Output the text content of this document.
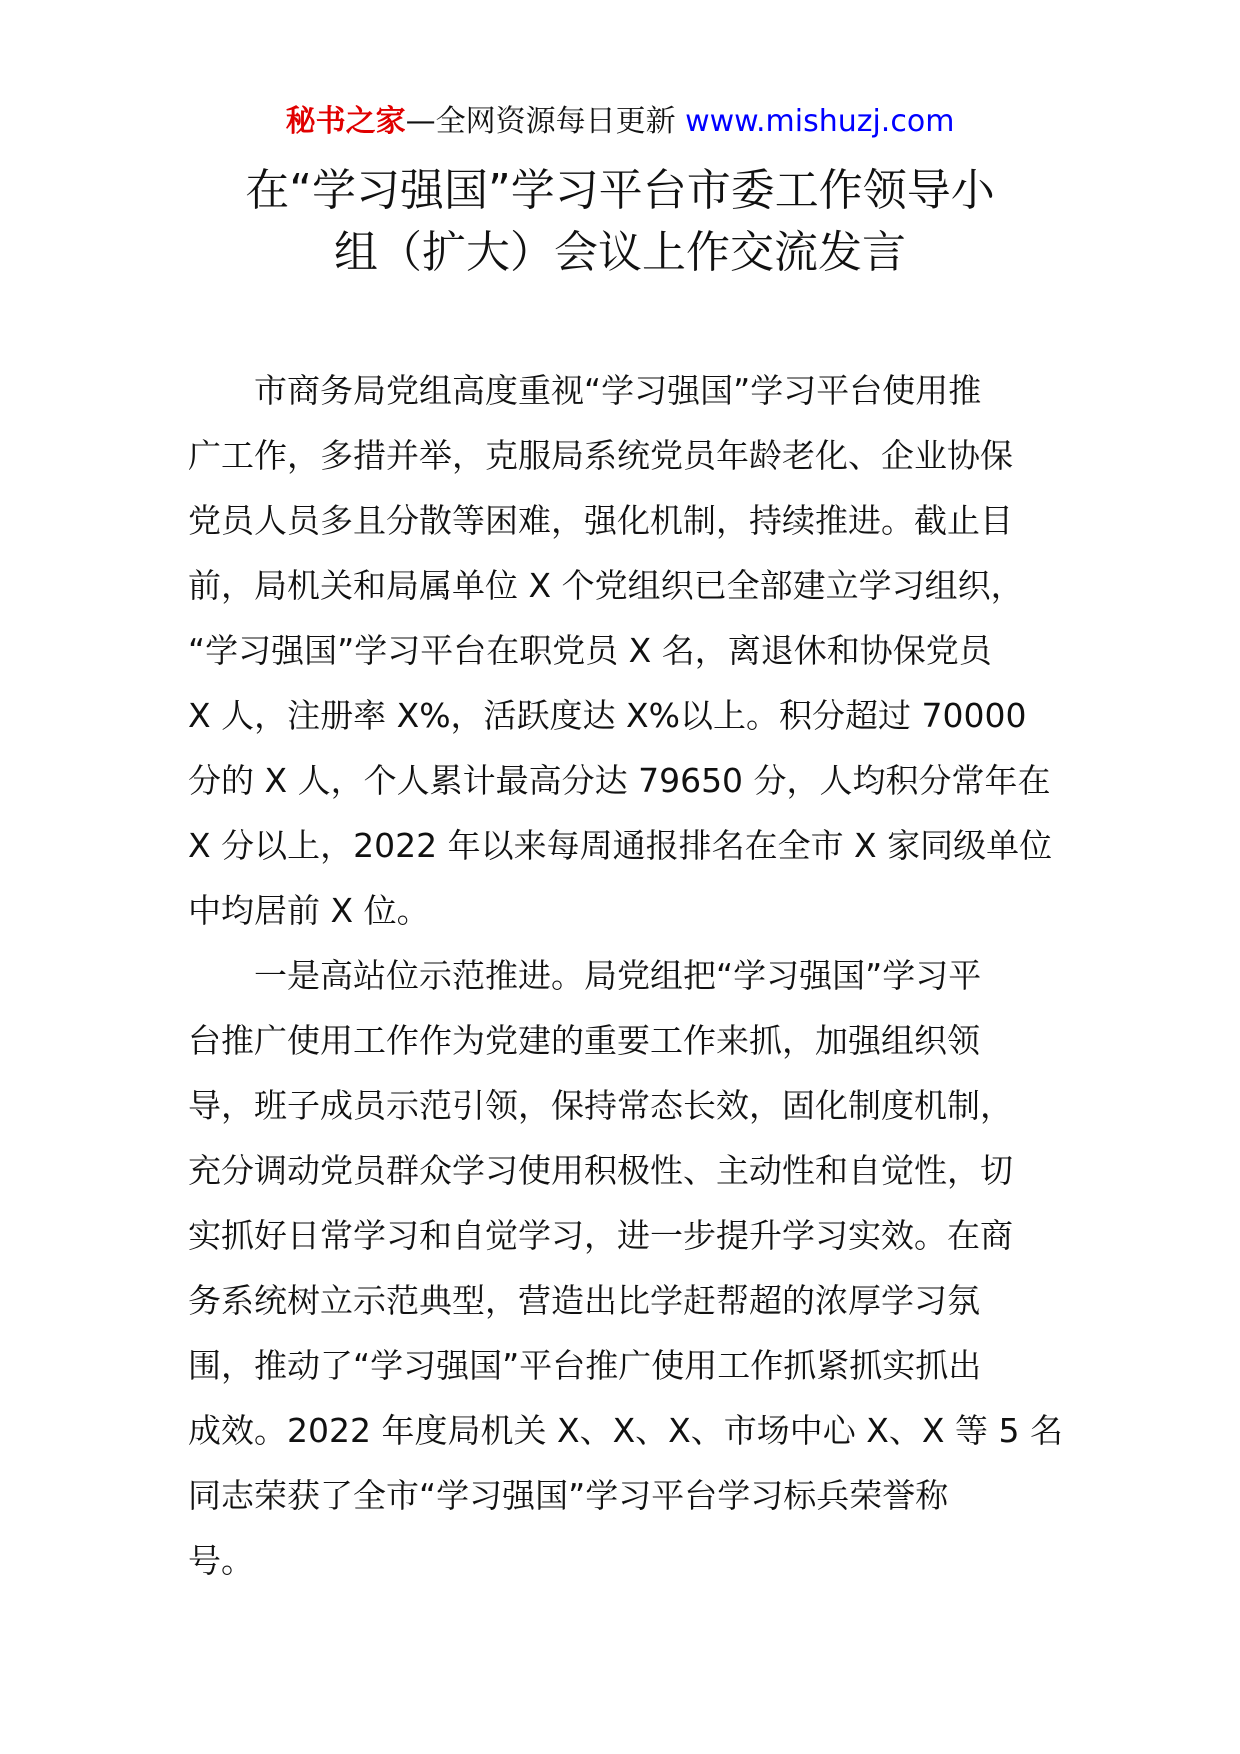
秘书之家—全网资源每日更新 www.mishuzj.com
在“学习强国”学习平台市委工作领导小
组（扩大）会议上作交流发言
市商务局党组高度重视“学习强国”学习平台使用推
广工作，多措并举，克服局系统党员年龄老化、企业协保
党员人员多且分散等困难，强化机制，持续推进。截止目
前，局机关和局属单位 X 个党组织已全部建立学习组织，
“学习强国”学习平台在职党员 X 名，离退休和协保党员
X 人，注册率 X%，活跃度达 X%以上。积分超过 70000
分的 X 人，个人累计最高分达 79650 分，人均积分常年在
X 分以上，2022 年以来每周通报排名在全市 X 家同级单位
中均居前 X 位。
一是高站位示范推进。局党组把“学习强国”学习平
台推广使用工作作为党建的重要工作来抓，加强组织领
导，班子成员示范引领，保持常态长效，固化制度机制，
充分调动党员群众学习使用积极性、主动性和自觉性，切
实抓好日常学习和自觉学习，进一步提升学习实效。在商
务系统树立示范典型，营造出比学赶帮超的浓厚学习氛
围，推动了“学习强国”平台推广使用工作抓紧抓实抓出
成效。2022 年度局机关 X、X、X、市场中心 X、X 等 5 名
同志荣获了全市“学习强国”学习平台学习标兵荣誉称
号。
